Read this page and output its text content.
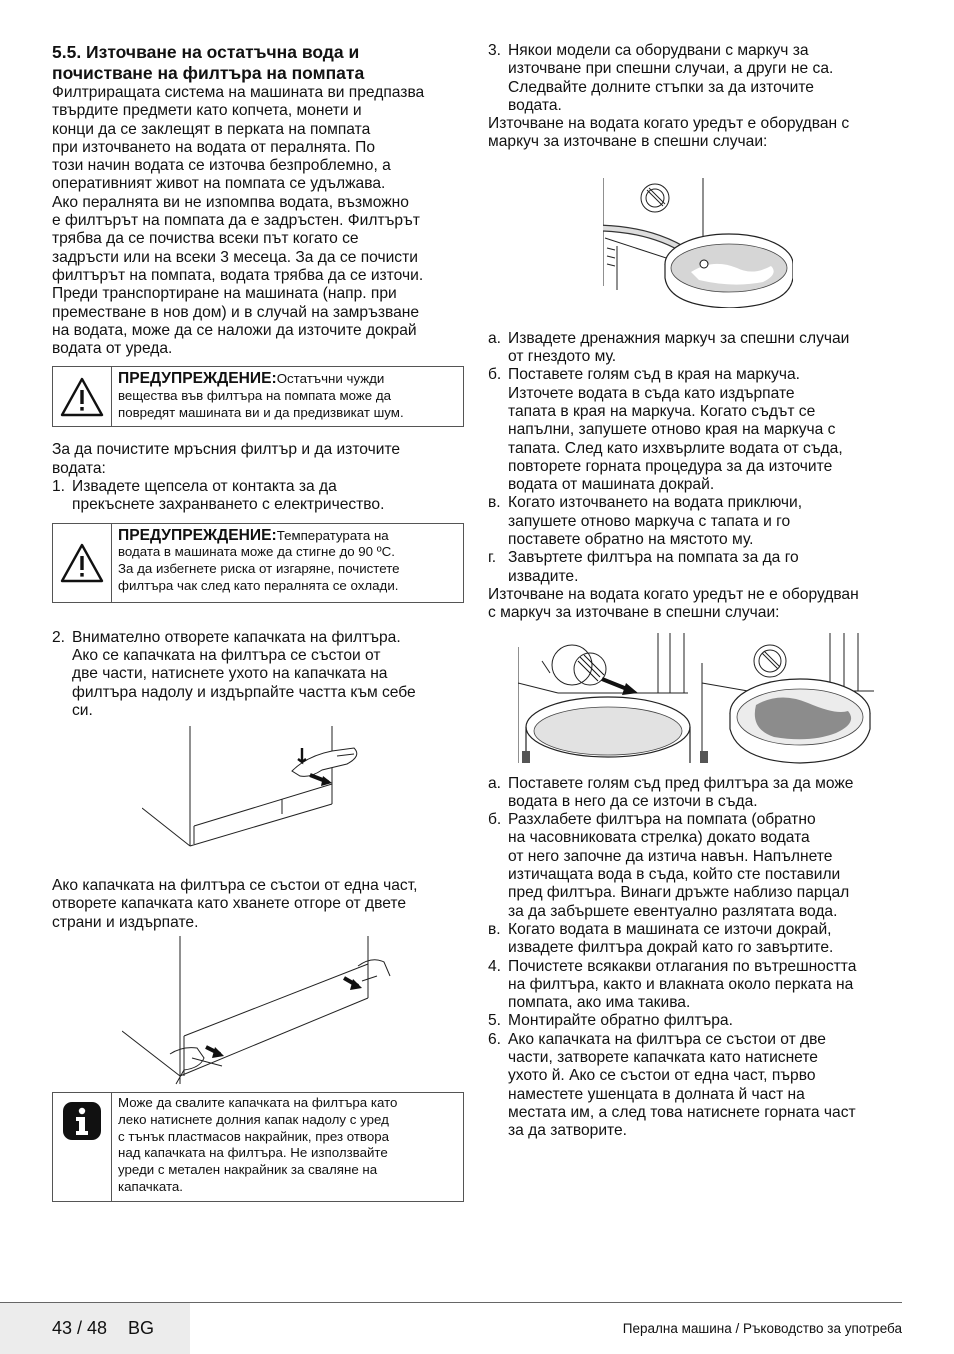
5.5. Източване на остатъчна вода и
почистване на филтъра на помпата

Филтриращата система на машината ви предпазва
твърдите предмети като копчета, монети и
конци да се заклещят в перката на помпата
при източването на водата от пералнята. По
този начин водата се източва безпроблемно, а
оперативният живот на помпата се удължава.
Ако пералнята ви не изпомпва водата, възможно
е филтърът на помпата да е задръстен. Филтърът
трябва да се почиства всеки път когато се
задръсти или на всеки 3 месеца. За да се почисти
филтърът на помпата, водата трябва да се източи.
Преди транспортиране на машината (напр. при
преместване в нов дом) и в случай на замръзване
на водата, може да се наложи да източите докрай
водата от уреда.

ПРЕДУПРЕЖДЕНИЕ:Остатъчни чужди
вещества във филтъра на помпата може да
повредят машината ви и да предизвикат шум.

За да почистите мръсния филтър и да източите
водата:

1. Извадете щепсела от контакта за да
прекъснете захранването с електричество.
ПРЕДУПРЕЖДЕНИЕ:Температурата на
водата в машината може да стигне до 90 ºC.
За да избегнете риска от изгаряне, почистете
филтъра чак след като пералнята се охлади.
2. Внимателно отворете капачката на филтъра.
Ако се капачката на филтъра се състои от
две части, натиснете ухото на капачката на
филтъра надолу и издърпайте частта към себе
си.

Ако капачката на филтъра се състои от една част,
отворете капачката като хванете отгоре от двете
страни и издърпате.

Може да свалите капачката на филтъра като
леко натиснете долния капак надолу с уред
с тънък пластмасов накрайник, през отвора
над капачката на филтъра. Не използвайте
уреди с метален накрайник за сваляне на
капачката.
3. Някои модели са оборудвани с маркуч за
източване при спешни случаи, а други не са.
Следвайте долните стъпки за да източите
водата.

Източване на водата когато уредът е оборудван с
маркуч за източване в спешни случаи:

а. Извадете дренажния маркуч за спешни случаи
от гнездото му.
б. Поставете голям съд в края на маркуча.
Източете водата в съда като издърпате
тапата в края на маркуча. Когато съдът се
напълни, запушете отново края на маркуча с
тапата. След като изхвърлите водата от съда,
повторете горната процедура за да източите
водата от машината докрай.
в. Когато източването на водата приключи,
запушете отново маркуча с тапата и го
поставете обратно на мястото му.
г. Завъртете филтъра на помпата за да го
извадите.

Източване на водата когато уредът не е оборудван
с маркуч за източване в спешни случаи:

а. Поставете голям съд пред филтъра за да може
водата в него да се източи в съда.
б. Разхлабете филтъра на помпата (обратно
на часовниковата стрелка) докато водата
от него започне да изтича навън. Напълнете
изтичащата вода в съда, който сте поставили
пред филтъра. Винаги дръжте наблизо парцал
за да забършете евентуално разлятата вода.
в. Когато водата в машината се източи докрай,
извадете филтъра докрай като го завъртите.
4. Почистете всякакви отлагания по вътрешността
на филтъра, както и влакната около перката на
помпата, ако има такива.
5. Монтирайте обратно филтъра.
6. Ако капачката на филтъра се състои от две
части, затворете капачката като натиснете
ухото й. Ако се състои от една част, първо
наместете ушенцата в долната й част на
местата им, а след това натиснете горната част
за да затворите.
43 / 48 BG	Перална машина / Ръководство за употреба
